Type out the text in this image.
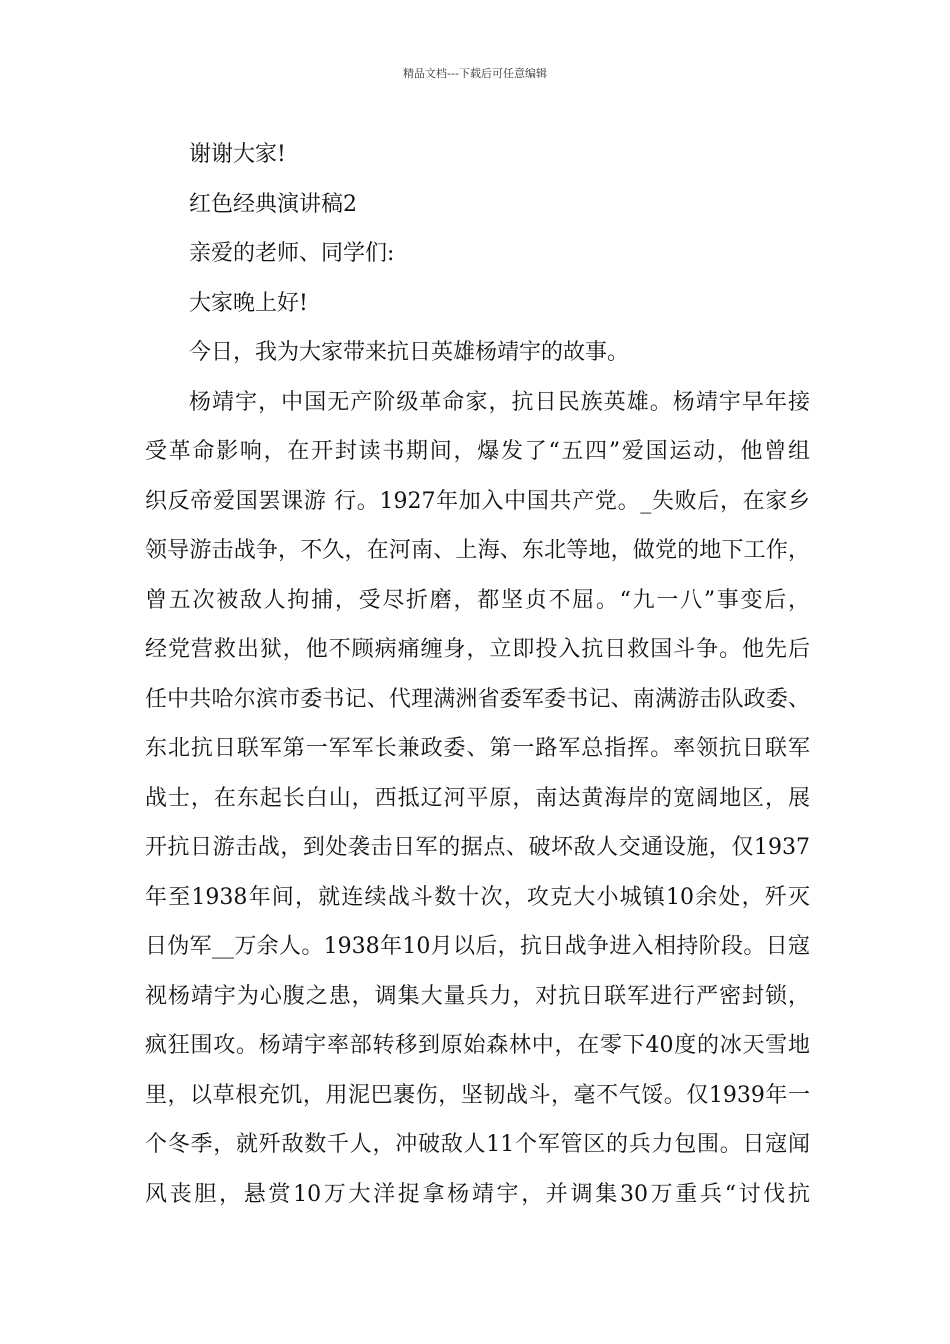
精品文档---下载后可任意编辑
谢谢大家!
红色经典演讲稿2
亲爱的老师、同学们:
大家晚上好!
今日，我为大家带来抗日英雄杨靖宇的故事。
杨靖宇，中国无产阶级革命家，抗日民族英雄。杨靖宇早年接
受革命影响，在开封读书期间，爆发了“五四”爱国运动，他曾组
织反帝爱国罢课游 行。1927年加入中国共产党。_失败后，在家乡
领导游击战争，不久，在河南、上海、东北等地，做党的地下工作，
曾五次被敌人拘捕，受尽折磨，都坚贞不屈。“九一八”事变后，
经党营救出狱，他不顾病痛缠身，立即投入抗日救国斗争。他先后
任中共哈尔滨市委书记、代理满洲省委军委书记、南满游击队政委、
东北抗日联军第一军军长兼政委、第一路军总指挥。率领抗日联军
战士，在东起长白山，西抵辽河平原，南达黄海岸的宽阔地区，展
开抗日游击战，到处袭击日军的据点、破坏敌人交通设施，仅1937
年至1938年间，就连续战斗数十次，攻克大小城镇10余处，歼灭
日伪军__万余人。1938年10月以后，抗日战争进入相持阶段。日寇
视杨靖宇为心腹之患，调集大量兵力，对抗日联军进行严密封锁，
疯狂围攻。杨靖宇率部转移到原始森林中，在零下40度的冰天雪地
里，以草根充饥，用泥巴裹伤，坚韧战斗，毫不气馁。仅1939年一
个冬季，就歼敌数千人，冲破敌人11个军管区的兵力包围。日寇闻
风丧胆，悬赏10万大洋捉拿杨靖宇，并调集30万重兵“讨伐抗
